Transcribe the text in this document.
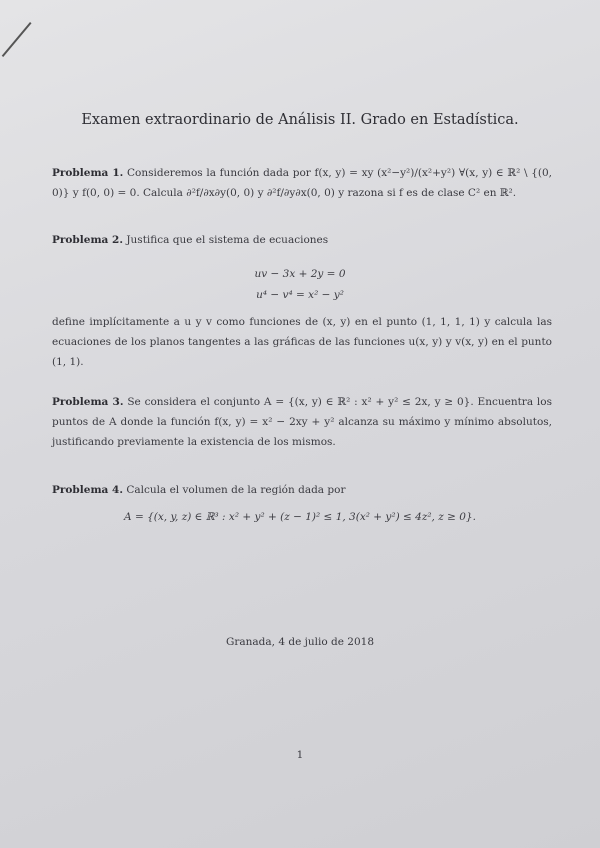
Examen extraordinario de Análisis II. Grado en Estadística.
Problema 1. Consideremos la función dada por f(x, y) = xy (x²−y²)/(x²+y²) ∀(x, y) ∈ ℝ² \ {(0, 0)} y f(0, 0) = 0. Calcula ∂²f/∂x∂y(0, 0) y ∂²f/∂y∂x(0, 0) y razona si f es de clase C² en ℝ².
Problema 2. Justifica que el sistema de ecuaciones
uv − 3x + 2y = 0
u⁴ − v⁴ = x² − y²
define implícitamente a u y v como funciones de (x, y) en el punto (1, 1, 1, 1) y calcula las ecuaciones de los planos tangentes a las gráficas de las funciones u(x, y) y v(x, y) en el punto (1, 1).
Problema 3. Se considera el conjunto A = {(x, y) ∈ ℝ² : x² + y² ≤ 2x, y ≥ 0}. Encuentra los puntos de A donde la función f(x, y) = x² − 2xy + y² alcanza su máximo y mínimo absolutos, justificando previamente la existencia de los mismos.
Problema 4. Calcula el volumen de la región dada por
A = {(x, y, z) ∈ ℝ³ : x² + y² + (z − 1)² ≤ 1, 3(x² + y²) ≤ 4z², z ≥ 0}.
Granada, 4 de julio de 2018
1
